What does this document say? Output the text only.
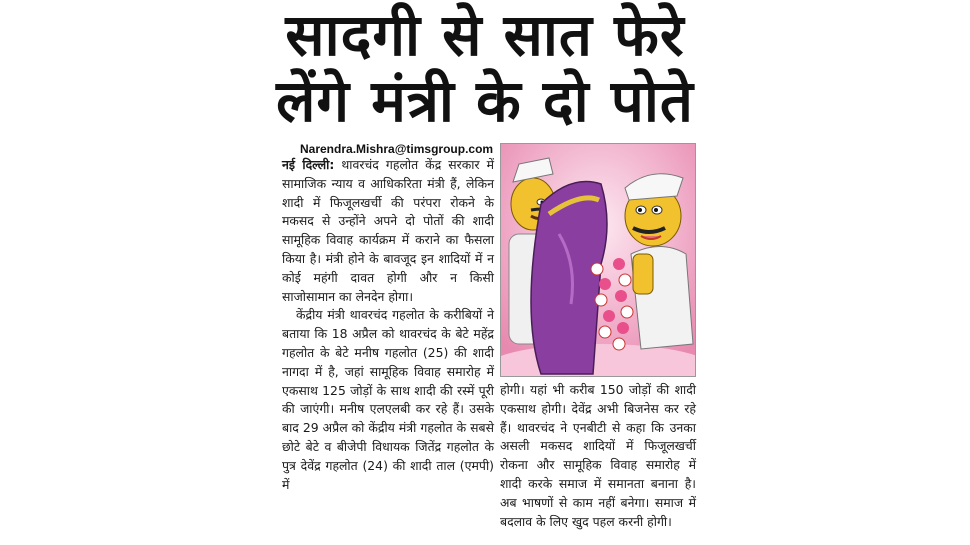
सादगी से सात फेरे
लेंगे मंत्री के दो पोते
Narendra.Mishra@timsgroup.com

नई दिल्ली: थावरचंद गहलोत केंद्र सरकार में सामाजिक न्याय व आधिकरिता मंत्री हैं, लेकिन शादी में फिजूलखर्ची की परंपरा रोकने के मकसद से उन्होंने अपने दो पोतों की शादी सामूहिक विवाह कार्यक्रम में कराने का फैसला किया है। मंत्री होने के बावजूद इन शादियों में न कोई महंगी दावत होगी और न किसी साजोसामान का लेनदेन होगा।

केंद्रीय मंत्री थावरचंद गहलोत के करीबियों ने बताया कि 18 अप्रैल को थावरचंद के बेटे महेंद्र गहलोत के बेटे मनीष गहलोत (25) की शादी नागदा में है, जहां सामूहिक विवाह समारोह में एकसाथ 125 जोड़ों के साथ शादी की रस्में पूरी की जाएंगी। मनीष एलएलबी कर रहे हैं। उसके बाद 29 अप्रैल को केंद्रीय मंत्री गहलोत के सबसे छोटे बेटे व बीजेपी विधायक जितेंद्र गहलोत के पुत्र देवेंद्र गहलोत (24) की शादी ताल (एमपी) में

होगी। यहां भी करीब 150 जोड़ों की शादी एकसाथ होगी। देवेंद्र अभी बिजनेस कर रहे हैं। थावरचंद ने एनबीटी से कहा कि उनका असली मकसद शादियों में फिजूलखर्ची रोकना और सामूहिक विवाह समारोह में शादी करके समाज में समानता बनाना है। अब भाषणों से काम नहीं बनेगा। समाज में बदलाव के लिए खुद पहल करनी होगी।
